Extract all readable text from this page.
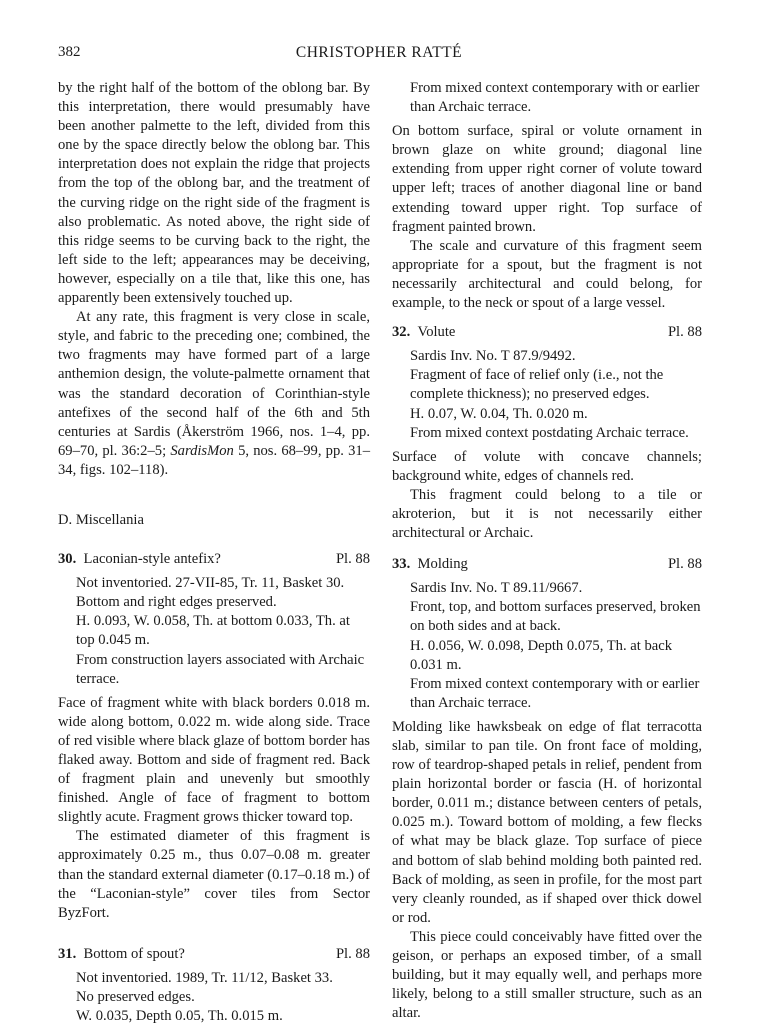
382	CHRISTOPHER RATTÉ

by the right half of the bottom of the oblong bar. By this interpretation, there would presumably have been another palmette to the left, divided from this one by the space directly below the oblong bar. This interpretation does not explain the ridge that projects from the top of the oblong bar, and the treatment of the curving ridge on the right side of the fragment is also problematic. As noted above, the right side of this ridge seems to be curving back to the right, the left side to the left; appearances may be deceiving, however, especially on a tile that, like this one, has apparently been extensively touched up.

At any rate, this fragment is very close in scale, style, and fabric to the preceding one; combined, the two fragments may have formed part of a large anthemion design, the volute-palmette ornament that was the standard decoration of Corinthian-style antefixes of the second half of the 6th and 5th centuries at Sardis (Åkerström 1966, nos. 1–4, pp. 69–70, pl. 36:2–5; SardisMon 5, nos. 68–99, pp. 31–34, figs. 102–118).

D. Miscellania

30. Laconian-style antefix?	Pl. 88

Not inventoried. 27-VII-85, Tr. 11, Basket 30.

Bottom and right edges preserved.

H. 0.093, W. 0.058, Th. at bottom 0.033, Th. at top 0.045 m.

From construction layers associated with Archaic terrace.

Face of fragment white with black borders 0.018 m. wide along bottom, 0.022 m. wide along side. Trace of red visible where black glaze of bottom border has flaked away. Bottom and side of fragment red. Back of fragment plain and unevenly but smoothly finished. Angle of face of fragment to bottom slightly acute. Fragment grows thicker toward top.

The estimated diameter of this fragment is approximately 0.25 m., thus 0.07–0.08 m. greater than the standard external diameter (0.17–0.18 m.) of the “Laconian-style” cover tiles from Sector ByzFort.

31. Bottom of spout?	Pl. 88

Not inventoried. 1989, Tr. 11/12, Basket 33.

No preserved edges.

W. 0.035, Depth 0.05, Th. 0.015 m.

From mixed context contemporary with or earlier than Archaic terrace.

On bottom surface, spiral or volute ornament in brown glaze on white ground; diagonal line extending from upper right corner of volute toward upper left; traces of another diagonal line or band extending toward upper right. Top surface of fragment painted brown.

The scale and curvature of this fragment seem appropriate for a spout, but the fragment is not necessarily architectural and could belong, for example, to the neck or spout of a large vessel.

32. Volute	Pl. 88

Sardis Inv. No. T 87.9/9492.

Fragment of face of relief only (i.e., not the complete thickness); no preserved edges.

H. 0.07, W. 0.04, Th. 0.020 m.

From mixed context postdating Archaic terrace.

Surface of volute with concave channels; background white, edges of channels red.

This fragment could belong to a tile or akroterion, but it is not necessarily either architectural or Archaic.

33. Molding	Pl. 88

Sardis Inv. No. T 89.11/9667.

Front, top, and bottom surfaces preserved, broken on both sides and at back.

H. 0.056, W. 0.098, Depth 0.075, Th. at back 0.031 m.

From mixed context contemporary with or earlier than Archaic terrace.

Molding like hawksbeak on edge of flat terracotta slab, similar to pan tile. On front face of molding, row of teardrop-shaped petals in relief, pendent from plain horizontal border or fascia (H. of horizontal border, 0.011 m.; distance between centers of petals, 0.025 m.). Toward bottom of molding, a few flecks of what may be black glaze. Top surface of piece and bottom of slab behind molding both painted red. Back of molding, as seen in profile, for the most part very cleanly rounded, as if shaped over thick dowel or rod.

This piece could conceivably have fitted over the geison, or perhaps an exposed timber, of a small building, but it may equally well, and perhaps more likely, belong to a still smaller structure, such as an altar.
